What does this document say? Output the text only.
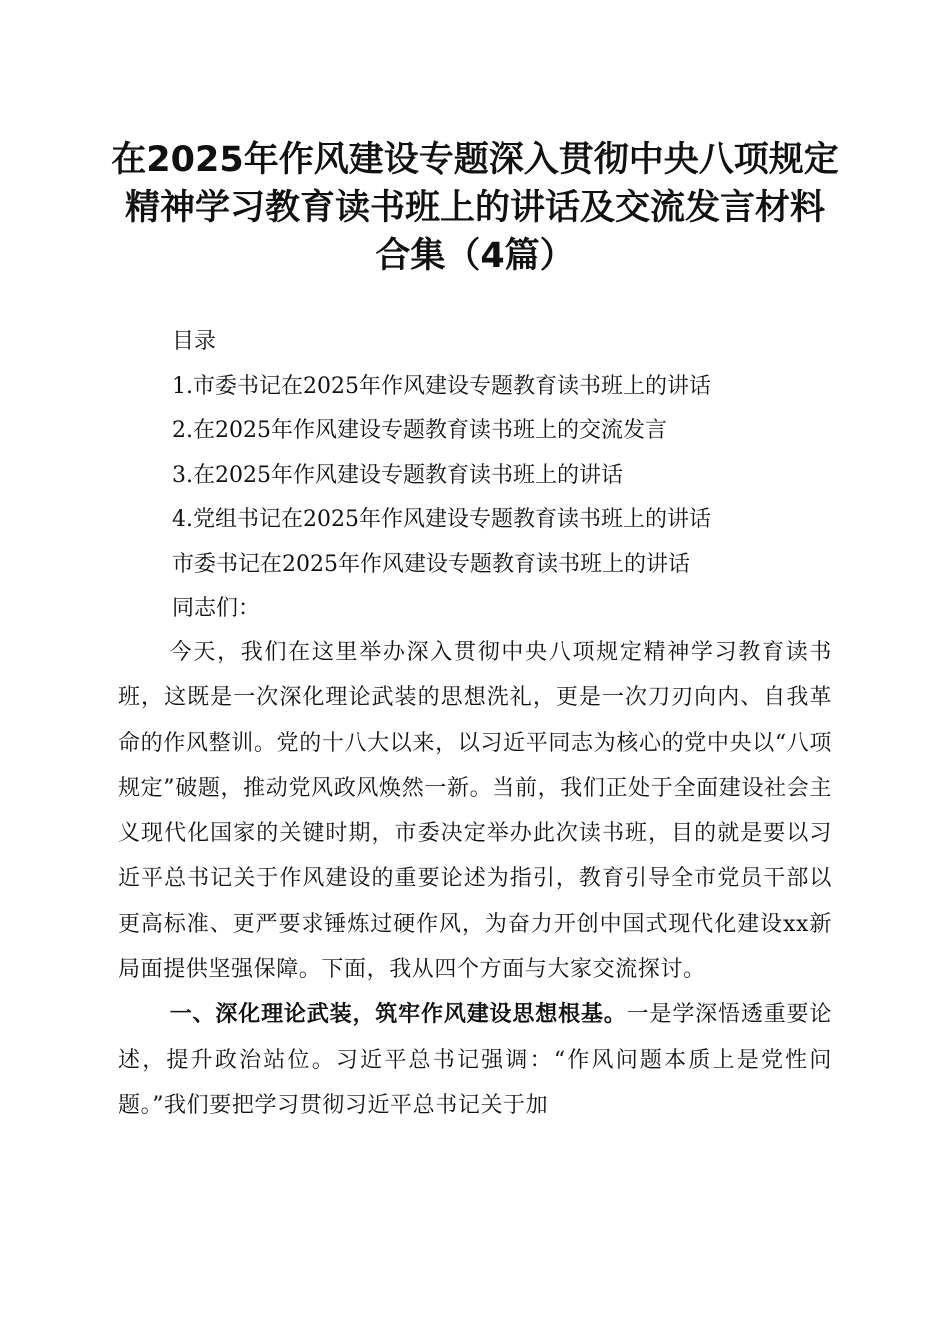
在2025年作风建设专题深入贯彻中央八项规定精神学习教育读书班上的讲话及交流发言材料合集（4篇）
目录
1.市委书记在2025年作风建设专题教育读书班上的讲话
2.在2025年作风建设专题教育读书班上的交流发言
3.在2025年作风建设专题教育读书班上的讲话
4.党组书记在2025年作风建设专题教育读书班上的讲话
市委书记在2025年作风建设专题教育读书班上的讲话
同志们：

今天，我们在这里举办深入贯彻中央八项规定精神学习教育读书班，这既是一次深化理论武装的思想洗礼，更是一次刀刃向内、自我革命的作风整训。党的十八大以来，以习近平同志为核心的党中央以“八项规定”破题，推动党风政风焕然一新。当前，我们正处于全面建设社会主义现代化国家的关键时期，市委决定举办此次读书班，目的就是要以习近平总书记关于作风建设的重要论述为指引，教育引导全市党员干部以更高标准、更严要求锤炼过硬作风，为奋力开创中国式现代化建设xx新局面提供坚强保障。下面，我从四个方面与大家交流探讨。

一、深化理论武装，筑牢作风建设思想根基。一是学深悟透重要论述，提升政治站位。习近平总书记强调：“作风问题本质上是党性问题。”我们要把学习贯彻习近平总书记关于加
